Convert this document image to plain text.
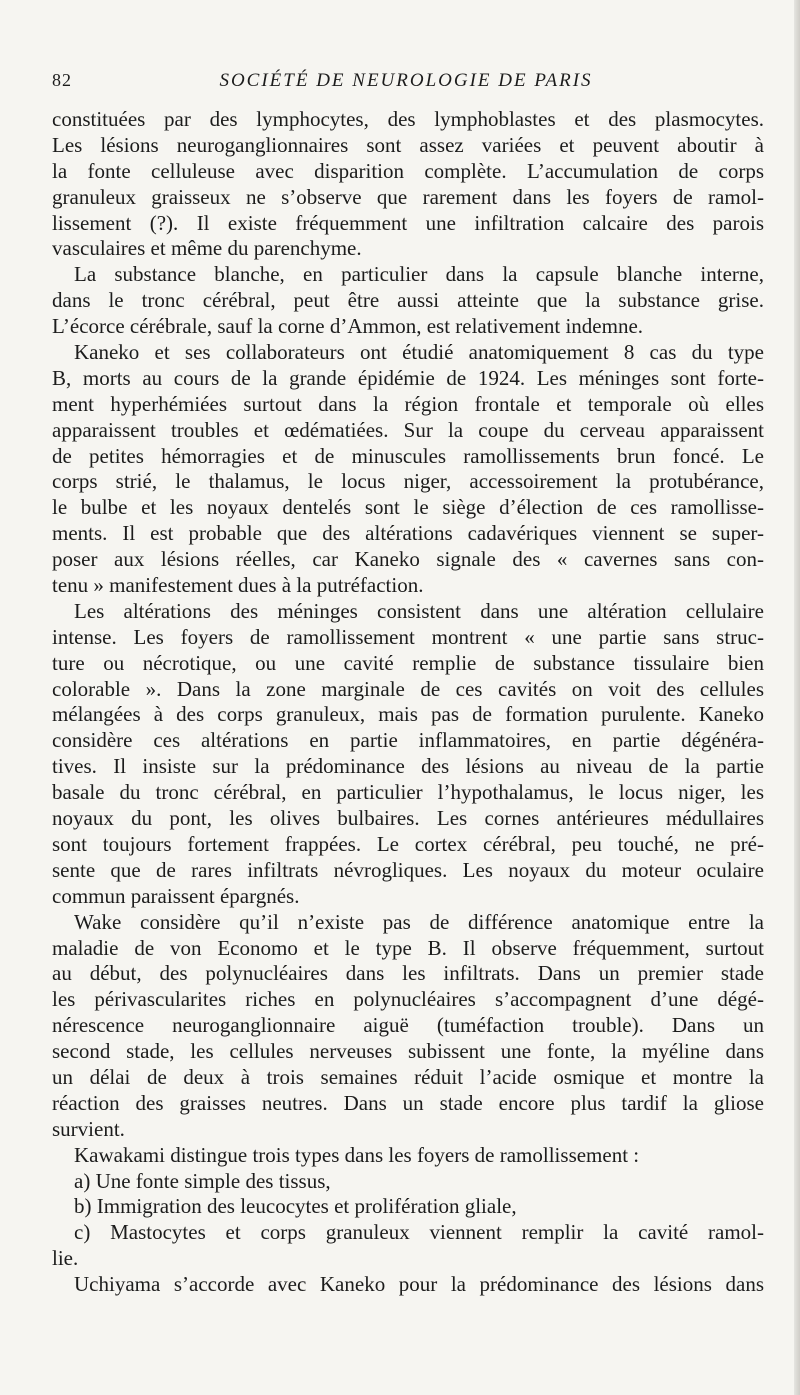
82	SOCIÉTÉ DE NEUROLOGIE DE PARIS
constituées par des lymphocytes, des lymphoblastes et des plasmocytes.
Les lésions neuroganglionnaires sont assez variées et peuvent aboutir à
la fonte celluleuse avec disparition complète. L’accumulation de corps
granuleux graisseux ne s’observe que rarement dans les foyers de ramol-
lissement (?). Il existe fréquemment une infiltration calcaire des parois
vasculaires et même du parenchyme.
La substance blanche, en particulier dans la capsule blanche interne,
dans le tronc cérébral, peut être aussi atteinte que la substance grise.
L’écorce cérébrale, sauf la corne d’Ammon, est relativement indemne.
Kaneko et ses collaborateurs ont étudié anatomiquement 8 cas du type
B, morts au cours de la grande épidémie de 1924. Les méninges sont forte-
ment hyperhémiées surtout dans la région frontale et temporale où elles
apparaissent troubles et œdématiées. Sur la coupe du cerveau apparaissent
de petites hémorragies et de minuscules ramollissements brun foncé. Le
corps strié, le thalamus, le locus niger, accessoirement la protubérance,
le bulbe et les noyaux dentelés sont le siège d’élection de ces ramollisse-
ments. Il est probable que des altérations cadavériques viennent se super-
poser aux lésions réelles, car Kaneko signale des « cavernes sans con-
tenu » manifestement dues à la putréfaction.
Les altérations des méninges consistent dans une altération cellulaire
intense. Les foyers de ramollissement montrent « une partie sans struc-
ture ou nécrotique, ou une cavité remplie de substance tissulaire bien
colorable ». Dans la zone marginale de ces cavités on voit des cellules
mélangées à des corps granuleux, mais pas de formation purulente. Kaneko
considère ces altérations en partie inflammatoires, en partie dégénéra-
tives. Il insiste sur la prédominance des lésions au niveau de la partie
basale du tronc cérébral, en particulier l’hypothalamus, le locus niger, les
noyaux du pont, les olives bulbaires. Les cornes antérieures médullaires
sont toujours fortement frappées. Le cortex cérébral, peu touché, ne pré-
sente que de rares infiltrats névrogliques. Les noyaux du moteur oculaire
commun paraissent épargnés.
Wake considère qu’il n’existe pas de différence anatomique entre la
maladie de von Economo et le type B. Il observe fréquemment, surtout
au début, des polynucléaires dans les infiltrats. Dans un premier stade
les périvascularites riches en polynucléaires s’accompagnent d’une dégé-
nérescence neuroganglionnaire aiguë (tuméfaction trouble). Dans un
second stade, les cellules nerveuses subissent une fonte, la myéline dans
un délai de deux à trois semaines réduit l’acide osmique et montre la
réaction des graisses neutres. Dans un stade encore plus tardif la gliose
survient.
Kawakami distingue trois types dans les foyers de ramollissement :
a) Une fonte simple des tissus,
b) Immigration des leucocytes et prolifération gliale,
c) Mastocytes et corps granuleux viennent remplir la cavité ramol-
lie.
Uchiyama s’accorde avec Kaneko pour la prédominance des lésions dans
